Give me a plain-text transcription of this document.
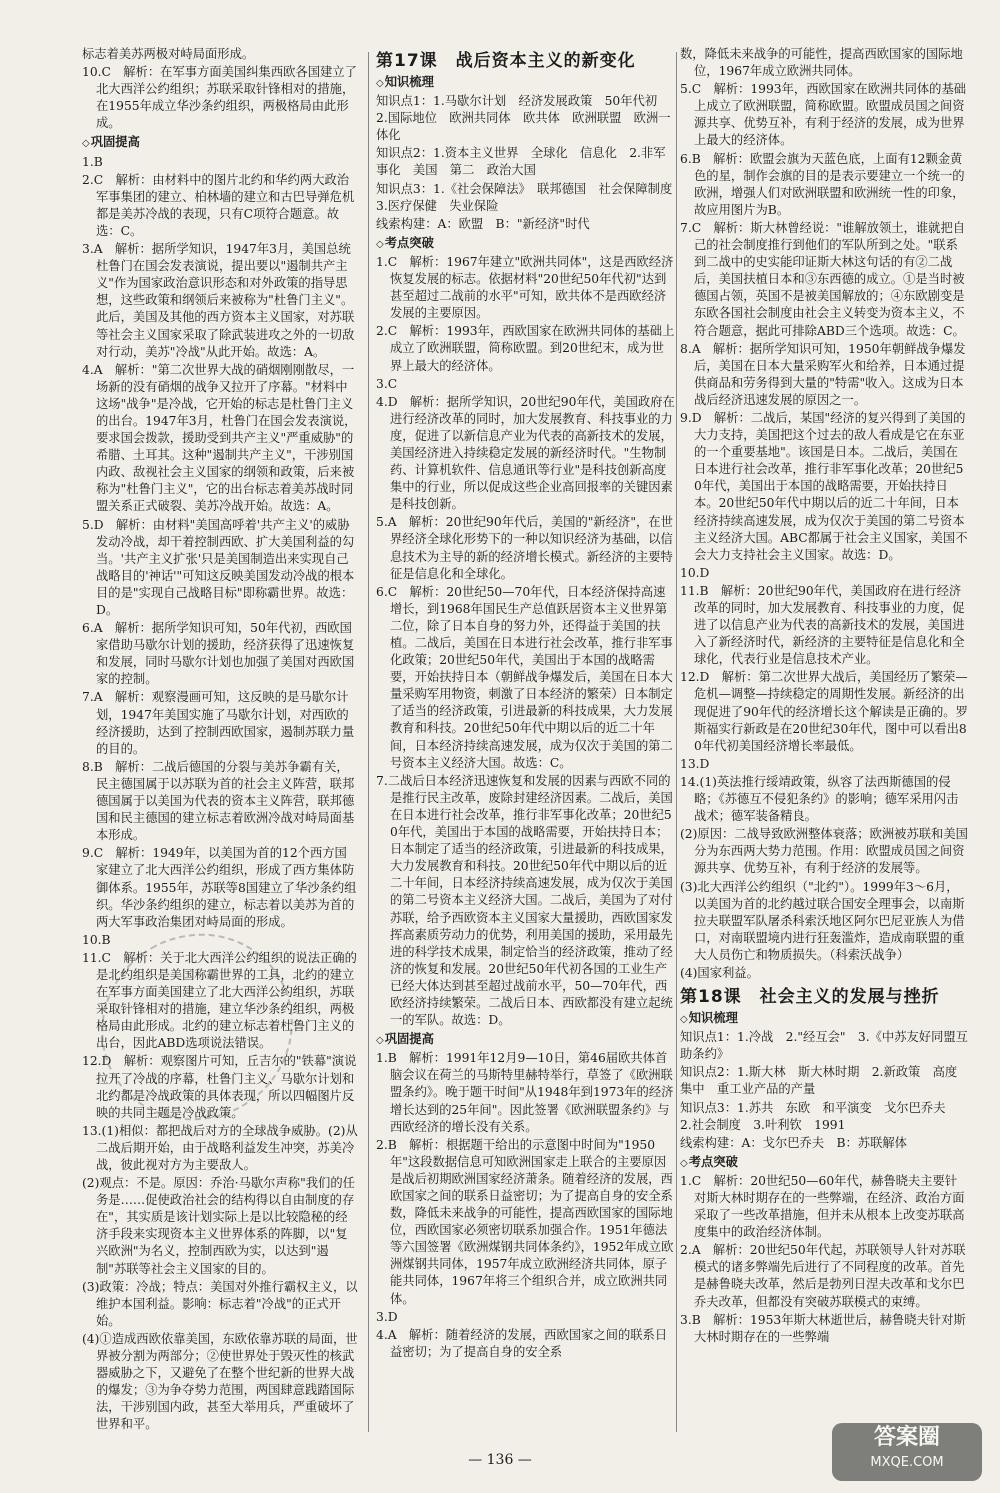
标志着美苏两极对峙局面形成。
10.C　解析：在军事方面美国纠集西欧各国建立了北大西洋公约组织；苏联采取针锋相对的措施，在1955年成立华沙条约组织，两极格局由此形成。
◇ 巩固提高
1.B
2.C　解析：由材料中的图片北约和华约两大政治军事集团的建立、柏林墙的建立和古巴导弹危机都是美苏冷战的表现，只有C项符合题意。故选：C。
3.A　解析：据所学知识，1947年3月，美国总统杜鲁门在国会发表演说，提出要以"遏制共产主义"作为国家政治意识形态和对外政策的指导思想，这些政策和纲领后来被称为"杜鲁门主义"。此后，美国及其他的西方资本主义国家，对苏联等社会主义国家采取了除武装进攻之外的一切敌对行动，美苏"冷战"从此开始。故选：A。
4.A　解析："第二次世界大战的硝烟刚刚散尽，一场新的没有硝烟的战争又拉开了序幕。"材料中这场"战争"是冷战，它开始的标志是杜鲁门主义的出台。1947年3月，杜鲁门在国会发表演说，要求国会拨款，援助受到共产主义"严重威胁"的希腊、土耳其。这种"遏制共产主义"，干涉别国内政、敌视社会主义国家的纲领和政策，后来被称为"杜鲁门主义"，它的出台标志着美苏战时同盟关系正式破裂、美苏冷战开始。故选：A。
5.D　解析：由材料"美国高呼着'共产主义'的威胁发动冷战，却干着控制西欧、扩大美国利益的勾当。'共产主义扩张'只是美国制造出来实现自己战略目的'神话'"可知这反映美国发动冷战的根本目的是"实现自己战略目标"即称霸世界。故选：D。
6.A　解析：据所学知识可知，50年代初，西欧国家借助马歇尔计划的援助，经济获得了迅速恢复和发展，同时马歇尔计划也加强了美国对西欧国家的控制。
7.A　解析：观察漫画可知，这反映的是马歇尔计划，1947年美国实施了马歇尔计划，对西欧的经济援助，达到了控制西欧国家，遏制苏联力量的目的。
8.B　解析：二战后德国的分裂与美苏争霸有关，民主德国属于以苏联为首的社会主义阵营，联邦德国属于以美国为代表的资本主义阵营，联邦德国和民主德国的建立标志着欧洲冷战对峙局面基本形成。
9.C　解析：1949年，以美国为首的12个西方国家建立了北大西洋公约组织，形成了西方集体防御体系。1955年，苏联等8国建立了华沙条约组织。华沙条约组织的建立，标志着以美苏为首的两大军事政治集团对峙局面的形成。
10.B
11.C　解析：关于北大西洋公约组织的说法正确的是北约组织是美国称霸世界的工具，北约的建立在军事方面美国建立了北大西洋公约组织，苏联采取针锋相对的措施，建立华沙条约组织，两极格局由此形成。北约的建立标志着杜鲁门主义的出台，因此ABD选项说法错误。
12.D　解析：观察图片可知，丘吉尔的"铁幕"演说拉开了冷战的序幕，杜鲁门主义、马歇尔计划和北约都是冷战政策的具体表现，所以四幅图片反映的共同主题是冷战政策。
13.(1)相似：都把战后对方的全球战争威胁。(2)从二战后期开始，由于战略利益发生冲突，苏美冷战，彼此视对方为主要敌人。
(2)观点：不是。原因：乔治·马歇尔声称"我们的任务是……促使政治社会的结构得以自由制度的存在"，其实质是该计划实际上是以比较隐秘的经济手段来实现资本主义世界体系的阵脚，以"复兴欧洲"为名义，控制西欧为实，以达到"遏制"苏联等社会主义国家的目的。
(3)政策：冷战；特点：美国对外推行霸权主义，以维护本国利益。影响：标志着"冷战"的正式开始。
(4)①造成西欧依靠美国，东欧依靠苏联的局面，世界被分割为两部分；②使世界处于毁灭性的核武器威胁之下，又避免了在整个世纪新的世界大战的爆发；③为争夺势力范围，两国肆意践踏国际法，干涉别国内政，甚至大举用兵，严重破坏了世界和平。
第17课　战后资本主义的新变化
◇ 知识梳理
知识点1：1.马歇尔计划　经济发展政策　50年代初　2.国际地位　欧洲共同体　欧共体　欧洲联盟　欧洲一体化
知识点2：1.资本主义世界　全球化　信息化　2.非军事化　美国　第二　政治大国
知识点3：1.《社会保障法》　联邦德国　社会保障制度　3.医疗保健　失业保险
线索构建：A：欧盟　B："新经济"时代
◇ 考点突破
1.C　解析：1967年建立"欧洲共同体"，这是西欧经济恢复发展的标志。依据材料"20世纪50年代初"达到甚至超过二战前的水平"可知，欧共体不是西欧经济发展的主要原因。
2.C　解析：1993年，西欧国家在欧洲共同体的基础上成立了欧洲联盟，简称欧盟。到20世纪末，成为世界上最大的经济体。
3.C
4.D　解析：据所学知识，20世纪90年代，美国政府在进行经济改革的同时，加大发展教育、科技事业的力度，促进了以新信息产业为代表的高新技术的发展，美国经济进入持续稳定发展的新经济时代。"生物制药、计算机软件、信息通讯等行业"是科技创新高度集中的行业，所以促成这些企业高回报率的关键因素是科技创新。
5.A　解析：20世纪90年代后，美国的"新经济"，在世界经济全球化形势下的一种以知识经济为基础，以信息技术为主导的新的经济增长模式。新经济的主要特征是信息化和全球化。
6.C　解析：20世纪50—70年代，日本经济保持高速增长，到1968年国民生产总值跃居资本主义世界第二位，除了日本自身的努力外，还得益于美国的扶植。二战后，美国在日本进行社会改革，推行非军事化政策；20世纪50年代，美国出于本国的战略需要，开始扶持日本（朝鲜战争爆发后，美国在日本大量采购军用物资，刺激了日本经济的繁荣）日本制定了适当的经济政策，引进最新的科技成果，大力发展教育和科技。20世纪50年代中期以后的近二十年间，日本经济持续高速发展，成为仅次于美国的第二号资本主义经济大国。故选：C。
7.二战后日本经济迅速恢复和发展的因素与西欧不同的是推行民主改革，废除封建经济因素。二战后，美国在日本进行社会改革，推行非军事化改革；20世纪50年代，美国出于本国的战略需要，开始扶持日本；日本制定了适当的经济政策，引进最新的科技成果，大力发展教育和科技。20世纪50年代中期以后的近二十年间，日本经济持续高速发展，成为仅次于美国的第二号资本主义经济大国。二战后，美国为了对付苏联，给予西欧资本主义国家大量援助，西欧国家发挥高素质劳动力的优势，利用美国的援助，采用最先进的科学技术成果，制定恰当的经济政策，推动了经济的恢复和发展。20世纪50年代初各国的工业生产已经大体达到甚至超过战前水平，50—70年代，西欧经济持续繁荣。二战后日本、西欧都没有建立起统一的军队。故选：D。
◇ 巩固提高
1.B　解析：1991年12月9—10日，第46届欧共体首脑会议在荷兰的马斯特里赫特举行，草签了《欧洲联盟条约》。晚于题干时间"从1948年到1973年的经济增长达到的25年间"。因此签署《欧洲联盟条约》与西欧经济的增长没有关系。
2.B　解析：根据题干给出的示意图中时间为"1950年"这段数据信息可知欧洲国家走上联合的主要原因是战后初期欧洲国家经济萧条。随着经济的发展，西欧国家之间的联系日益密切；为了提高自身的安全系数，降低未来战争的可能性，提高西欧国家的国际地位，西欧国家必须密切联系加强合作。1951年德法等六国签署《欧洲煤钢共同体条约》，1952年成立欧洲煤钢共同体，1957年成立欧洲经济共同体，原子能共同体，1967年将三个组织合并，成立欧洲共同体。
3.D
4.A　解析：随着经济的发展，西欧国家之间的联系日益密切；为了提高自身的安全系
数，降低未来战争的可能性，提高西欧国家的国际地位，1967年成立欧洲共同体。
5.C　解析：1993年，西欧国家在欧洲共同体的基础上成立了欧洲联盟，简称欧盟。欧盟成员国之间资源共享、优势互补，有利于经济的发展，成为世界上最大的经济体。
6.B　解析：欧盟会旗为天蓝色底，上面有12颗金黄色的星，制作会旗的目的是表示要建立一个统一的欧洲，增强人们对欧洲联盟和欧洲统一性的印象，故应用图片为B。
7.C　解析：斯大林曾经说："谁解放领土，谁就把自己的社会制度推行到他们的军队所到之处。"联系到二战中的史实能印证斯大林这句话的有②二战后，美国扶植日本和③东西德的成立。①是当时被德国占领，英国不是被美国解放的；④东欧剧变是东欧各国社会制度由社会主义转变为资本主义，不符合题意，据此可排除ABD三个选项。故选：C。
8.A　解析：据所学知识可知，1950年朝鲜战争爆发后，美国在日本大量采购军火和给养，日本通过提供商品和劳务得到大量的"特需"收入。这成为日本战后经济迅速发展的原因之一。
9.D　解析：二战后，某国"经济的复兴得到了美国的大力支持，美国把这个过去的敌人看成是它在东亚的一个重要基地"。该国是日本。二战后，美国在日本进行社会改革，推行非军事化改革；20世纪50年代，美国出于本国的战略需要，开始扶持日本。20世纪50年代中期以后的近二十年间，日本经济持续高速发展，成为仅次于美国的第二号资本主义经济大国。ABC都属于社会主义国家，美国不会大力支持社会主义国家。故选：D。
10.D
11.B　解析：20世纪90年代，美国政府在进行经济改革的同时，加大发展教育、科技事业的力度，促进了以信息产业为代表的高新技术的发展，美国进入了新经济时代，新经济的主要特征是信息化和全球化，代表行业是信息技术产业。
12.D　解析：第二次世界大战后，美国经历了繁荣—危机—调整—持续稳定的周期性发展。新经济的出现促进了90年代的经济增长这个解读是正确的。罗斯福实行新政是在20世纪30年代，图中可以看出80年代初美国经济增长率最低。
13.D
14.(1)英法推行绥靖政策，纵容了法西斯德国的侵略；《苏德互不侵犯条约》的影响；德军采用闪击战术；德军装备精良。
(2)原因：二战导致欧洲整体衰落；欧洲被苏联和美国分为东西两大势力范围。作用：欧盟成员国之间资源共享、优势互补，有利于经济的发展等。
(3)北大西洋公约组织（"北约"）。1999年3～6月，以美国为首的北约越过联合国安全理事会，以南斯拉夫联盟军队屠杀科索沃地区阿尔巴尼亚族人为借口，对南联盟境内进行狂轰滥炸，造成南联盟的重大人员伤亡和物质损失。（科索沃战争）
(4)国家利益。
第18课　社会主义的发展与挫折
◇ 知识梳理
知识点1：1.冷战　2."经互会"　3.《中苏友好同盟互助条约》
知识点2：1.斯大林　斯大林时期　2.新政策　高度集中　重工业产品的产量
知识点3：1.苏共　东欧　和平演变　戈尔巴乔夫　2.社会制度　3.叶利钦　1991
线索构建：A：戈尔巴乔夫　B：苏联解体
◇ 考点突破
1.C　解析：20世纪50—60年代，赫鲁晓夫主要针对斯大林时期存在的一些弊端，在经济、政治方面采取了一些改革措施，但并未从根本上改变苏联高度集中的政治经济体制。
2.A　解析：20世纪50年代起，苏联领导人针对苏联模式的诸多弊端先后进行了不同程度的改革。首先是赫鲁晓夫改革，然后是勃列日涅夫改革和戈尔巴乔夫改革，但都没有突破苏联模式的束缚。
3.B　解析：1953年斯大林逝世后，赫鲁晓夫针对斯大林时期存在的一些弊端
— 136 —
答案圈
MXQE.COM
